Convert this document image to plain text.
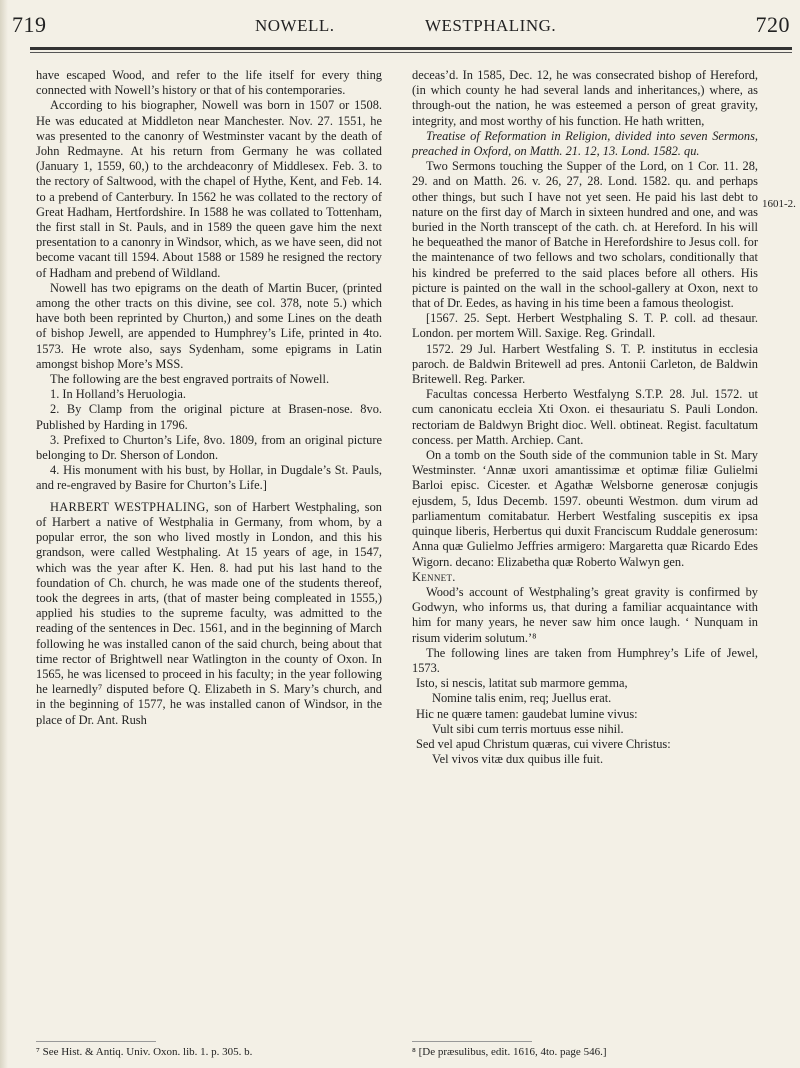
719	NOWELL.	WESTPHALING.	720
1601-2.

have escaped Wood, and refer to the life itself for every thing connected with Nowell’s history or that of his contemporaries.

According to his biographer, Nowell was born in 1507 or 1508. He was educated at Middleton near Manchester. Nov. 27. 1551, he was presented to the canonry of Westminster vacant by the death of John Redmayne. At his return from Germany he was collated (January 1, 1559, 60,) to the archdeaconry of Middlesex. Feb. 3. to the rectory of Saltwood, with the chapel of Hythe, Kent, and Feb. 14. to a prebend of Canterbury. In 1562 he was collated to the rectory of Great Hadham, Hertfordshire. In 1588 he was collated to Tottenham, the first stall in St. Pauls, and in 1589 the queen gave him the next presentation to a canonry in Windsor, which, as we have seen, did not become vacant till 1594. About 1588 or 1589 he resigned the rectory of Hadham and prebend of Wildland.

Nowell has two epigrams on the death of Martin Bucer, (printed among the other tracts on this divine, see col. 378, note 5.) which have both been reprinted by Churton,) and some Lines on the death of bishop Jewell, are appended to Humphrey’s Life, printed in 4to. 1573. He wrote also, says Sydenham, some epigrams in Latin amongst bishop More’s MSS.

The following are the best engraved portraits of Nowell.

1. In Holland’s Heruologia.

2. By Clamp from the original picture at Brasen-nose. 8vo. Published by Harding in 1796.

3. Prefixed to Churton’s Life, 8vo. 1809, from an original picture belonging to Dr. Sherson of London.

4. His monument with his bust, by Hollar, in Dugdale’s St. Pauls, and re-engraved by Basire for Churton’s Life.]

HARBERT WESTPHALING, son of Harbert Westphaling, son of Harbert a native of Westphalia in Germany, from whom, by a popular error, the son who lived mostly in London, and this his grandson, were called Westphaling. At 15 years of age, in 1547, which was the year after K. Hen. 8. had put his last hand to the foundation of Ch. church, he was made one of the students thereof, took the degrees in arts, (that of master being compleated in 1555,) applied his studies to the supreme faculty, was admitted to the reading of the sentences in Dec. 1561, and in the beginning of March following he was installed canon of the said church, being about that time rector of Brightwell near Watlington in the county of Oxon. In 1565, he was licensed to proceed in his faculty; in the year following he learnedly⁷ disputed before Q. Elizabeth in S. Mary’s church, and in the beginning of 1577, he was installed canon of Windsor, in the place of Dr. Ant. Rush

⁷ See Hist. & Antiq. Univ. Oxon. lib. 1. p. 305. b.

deceas’d. In 1585, Dec. 12, he was consecrated bishop of Hereford, (in which county he had several lands and inheritances,) where, as through-out the nation, he was esteemed a person of great gravity, integrity, and most worthy of his function. He hath written,

Treatise of Reformation in Religion, divided into seven Sermons, preached in Oxford, on Matth. 21. 12, 13. Lond. 1582. qu.

Two Sermons touching the Supper of the Lord, on 1 Cor. 11. 28, 29. and on Matth. 26. v. 26, 27, 28. Lond. 1582. qu. and perhaps other things, but such I have not yet seen. He paid his last debt to nature on the first day of March in sixteen hundred and one, and was buried in the North transcept of the cath. ch. at Hereford. In his will he bequeathed the manor of Batche in Herefordshire to Jesus coll. for the maintenance of two fellows and two scholars, conditionally that his kindred be preferred to the said places before all others. His picture is painted on the wall in the school-gallery at Oxon, next to that of Dr. Eedes, as having in his time been a famous theologist.

[1567. 25. Sept. Herbert Westphaling S. T. P. coll. ad thesaur. London. per mortem Will. Saxige. Reg. Grindall.

1572. 29 Jul. Harbert Westfaling S. T. P. institutus in ecclesia paroch. de Baldwin Britewell ad pres. Antonii Carleton, de Baldwin Britewell. Reg. Parker.

Facultas concessa Herberto Westfalyng S.T.P. 28. Jul. 1572. ut cum canonicatu eccleia Xti Oxon. ei thesauriatu S. Pauli London. rectoriam de Baldwyn Bright dioc. Well. obtineat. Regist. facultatum concess. per Matth. Archiep. Cant.

On a tomb on the South side of the communion table in St. Mary Westminster. ‘Annæ uxori amantissimæ et optimæ filiæ Gulielmi Barloi episc. Cicester. et Agathæ Welsborne generosæ conjugis ejusdem, 5, Idus Decemb. 1597. obeunti Westmon. dum virum ad parliamentum comitabatur. Herbert Westfaling suscepitis ex ipsa quinque liberis, Herbertus qui duxit Franciscum Ruddale generosum: Anna quæ Gulielmo Jeffries armigero: Margaretta quæ Ricardo Edes Wigorn. decano: Elizabetha quæ Roberto Walwyn gen.

Kennet.

Wood’s account of Westphaling’s great gravity is confirmed by Godwyn, who informs us, that during a familiar acquaintance with him for many years, he never saw him once laugh. ‘ Nunquam in risum viderim solutum.’⁸

The following lines are taken from Humphrey’s Life of Jewel, 1573.

Isto, si nescis, latitat sub marmore gemma,

Nomine talis enim, req; Juellus erat.

Hic ne quære tamen: gaudebat lumine vivus:

Vult sibi cum terris mortuus esse nihil.

Sed vel apud Christum quæras, cui vivere Christus:

Vel vivos vitæ dux quibus ille fuit.

⁸ [De præsulibus, edit. 1616, 4to. page 546.]
